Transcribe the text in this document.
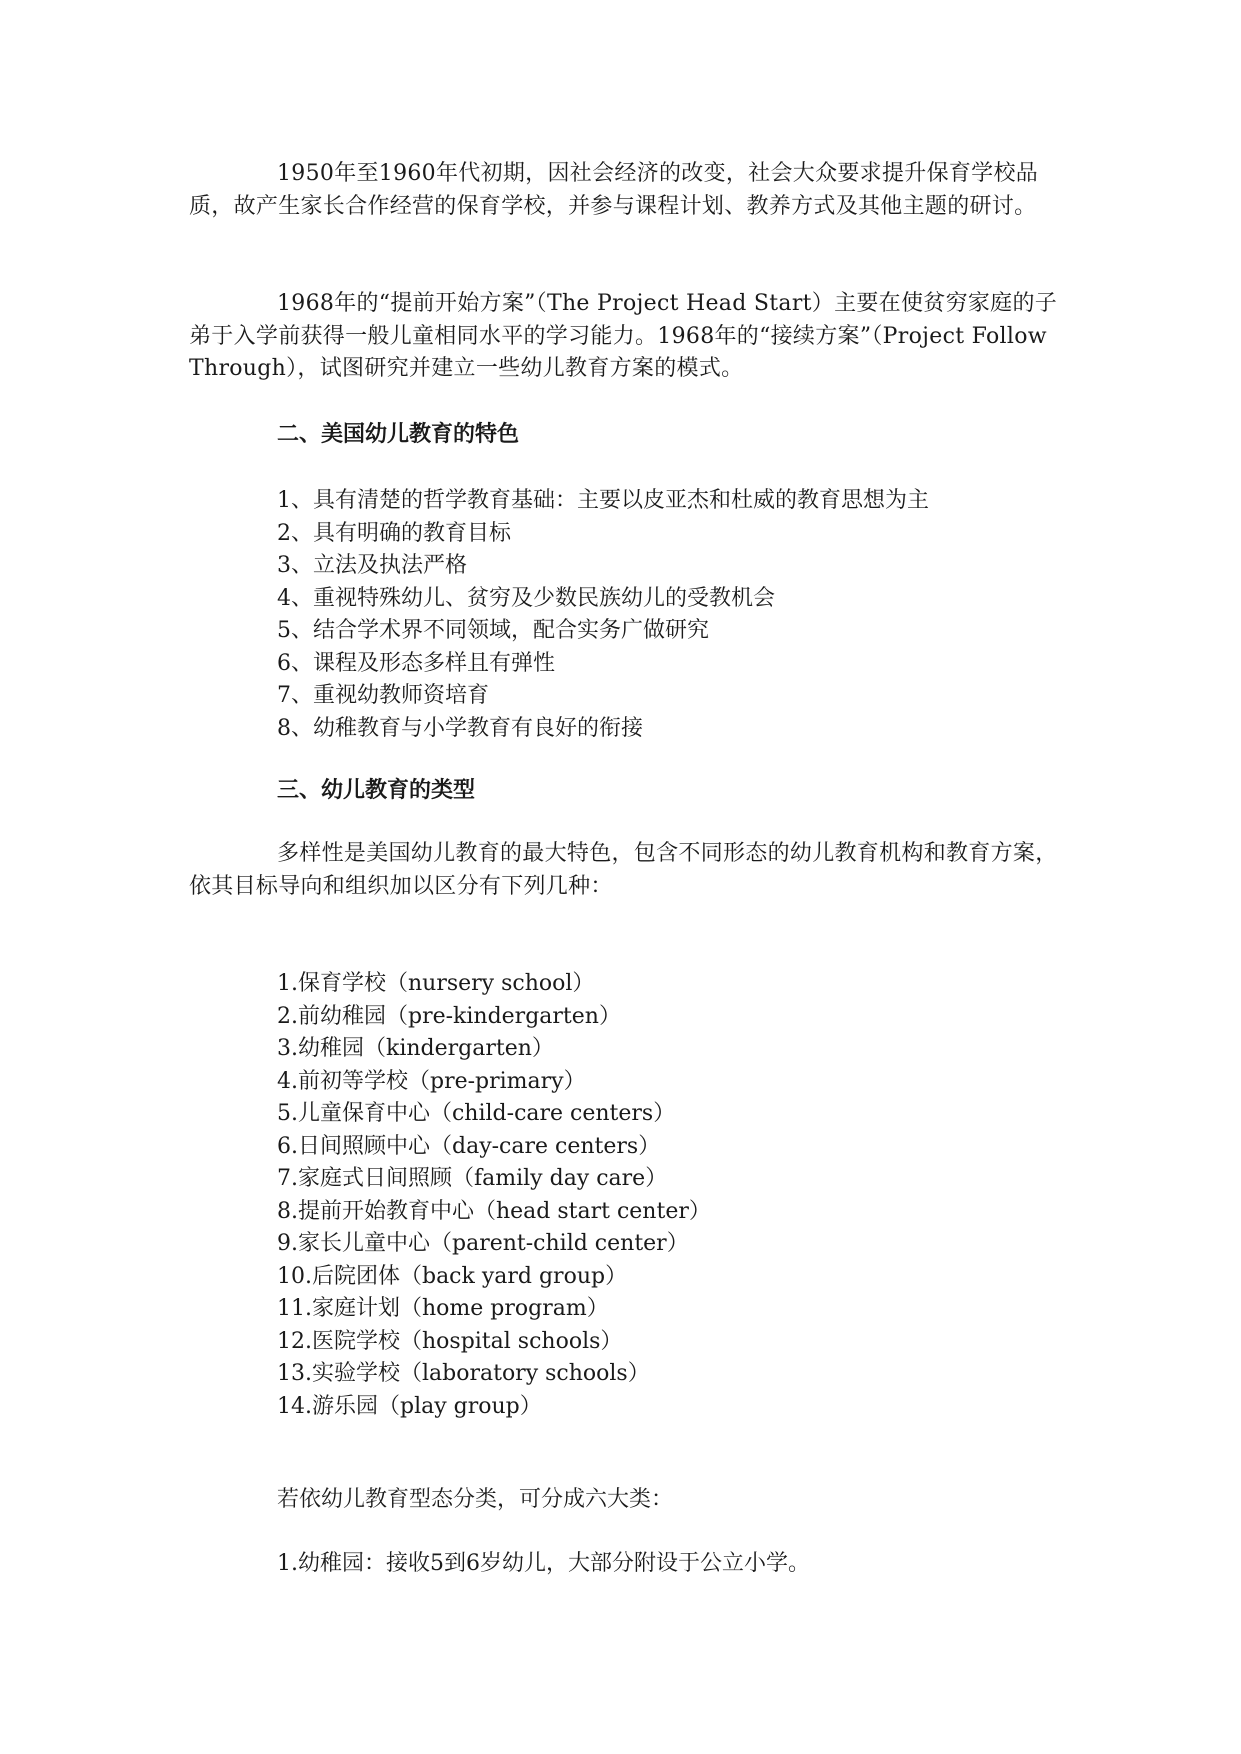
1950年至1960年代初期，因社会经济的改变，社会大众要求提升保育学校品质，故产生家长合作经营的保育学校，并参与课程计划、教养方式及其他主题的研讨。

1968年的“提前开始方案”（The Project Head Start）主要在使贫穷家庭的子弟于入学前获得一般儿童相同水平的学习能力。1968年的“接续方案”（Project Follow Through），试图研究并建立一些幼儿教育方案的模式。

二、美国幼儿教育的特色
1、具有清楚的哲学教育基础：主要以皮亚杰和杜威的教育思想为主
2、具有明确的教育目标
3、立法及执法严格
4、重视特殊幼儿、贫穷及少数民族幼儿的受教机会
5、结合学术界不同领域，配合实务广做研究
6、课程及形态多样且有弹性
7、重视幼教师资培育
8、幼稚教育与小学教育有良好的衔接
三、幼儿教育的类型

多样性是美国幼儿教育的最大特色，包含不同形态的幼儿教育机构和教育方案，依其目标导向和组织加以区分有下列几种：

1.保育学校（nursery school）
2.前幼稚园（pre-kindergarten）
3.幼稚园（kindergarten）
4.前初等学校（pre-primary）
5.儿童保育中心（child-care centers）
6.日间照顾中心（day-care centers）
7.家庭式日间照顾（family day care）
8.提前开始教育中心（head start center）
9.家长儿童中心（parent-child center）
10.后院团体（back yard group）
11.家庭计划（home program）
12.医院学校（hospital schools）
13.实验学校（laboratory schools）
14.游乐园（play group）

若依幼儿教育型态分类，可分成六大类：

1.幼稚园：接收5到6岁幼儿，大部分附设于公立小学。
